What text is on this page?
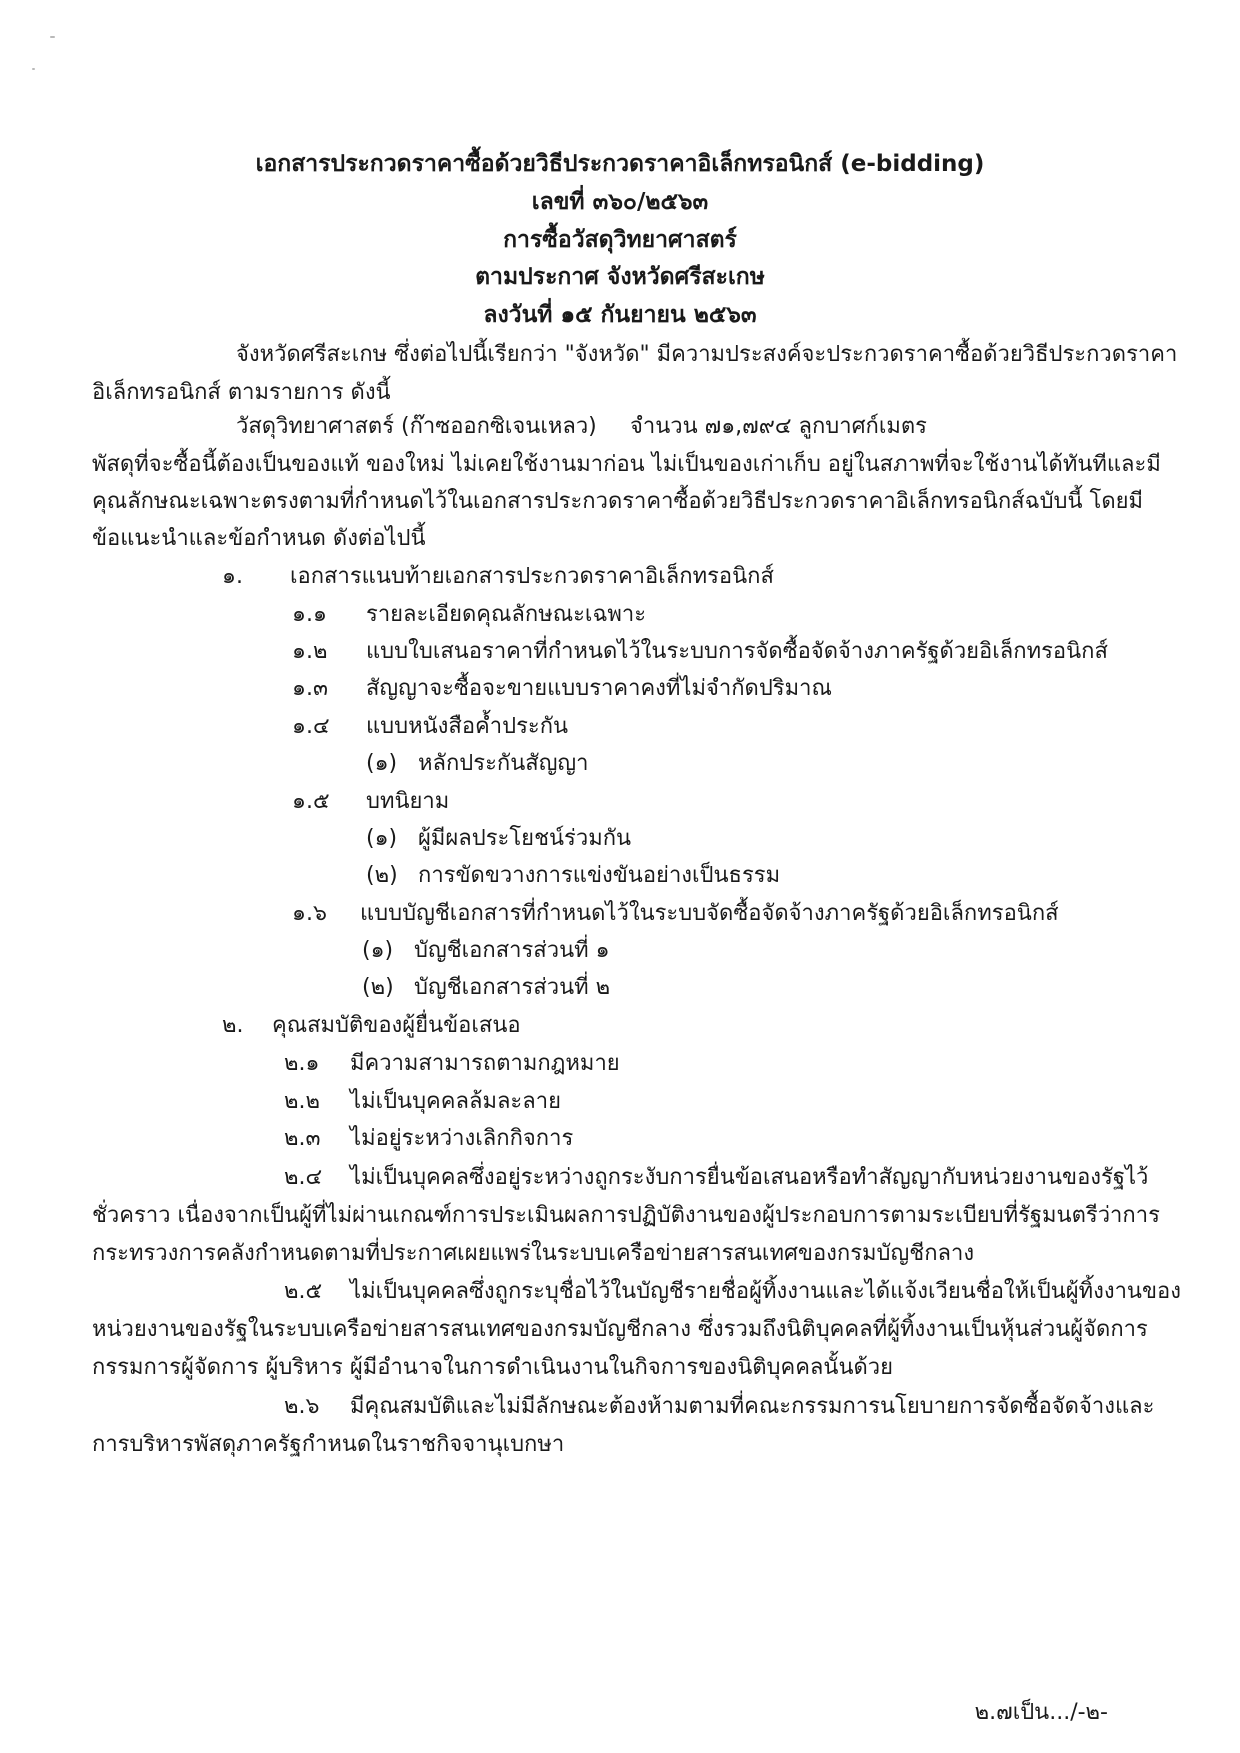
เอกสารประกวดราคาซื้อด้วยวิธีประกวดราคาอิเล็กทรอนิกส์ (e-bidding)
เลขที่ ๓๖๐/๒๕๖๓
การซื้อวัสดุวิทยาศาสตร์
ตามประกาศ จังหวัดศรีสะเกษ
ลงวันที่ ๑๕ กันยายน ๒๕๖๓
จังหวัดศรีสะเกษ ซึ่งต่อไปนี้เรียกว่า "จังหวัด" มีความประสงค์จะประกวดราคาซื้อด้วยวิธีประกวดราคา
อิเล็กทรอนิกส์ ตามรายการ ดังนี้
วัสดุวิทยาศาสตร์ (ก๊าซออกซิเจนเหลว) จำนวน ๗๑,๗๙๔ ลูกบาศก์เมตร
พัสดุที่จะซื้อนี้ต้องเป็นของแท้ ของใหม่ ไม่เคยใช้งานมาก่อน ไม่เป็นของเก่าเก็บ อยู่ในสภาพที่จะใช้งานได้ทันทีและมี
คุณลักษณะเฉพาะตรงตามที่กำหนดไว้ในเอกสารประกวดราคาซื้อด้วยวิธีประกวดราคาอิเล็กทรอนิกส์ฉบับนี้ โดยมี
ข้อแนะนำและข้อกำหนด ดังต่อไปนี้
๑. เอกสารแนบท้ายเอกสารประกวดราคาอิเล็กทรอนิกส์
๑.๑ รายละเอียดคุณลักษณะเฉพาะ
๑.๒ แบบใบเสนอราคาที่กำหนดไว้ในระบบการจัดซื้อจัดจ้างภาครัฐด้วยอิเล็กทรอนิกส์
๑.๓ สัญญาจะซื้อจะขายแบบราคาคงที่ไม่จำกัดปริมาณ
๑.๔ แบบหนังสือค้ำประกัน
(๑) หลักประกันสัญญา
๑.๕ บทนิยาม
(๑) ผู้มีผลประโยชน์ร่วมกัน
(๒) การขัดขวางการแข่งขันอย่างเป็นธรรม
๑.๖ แบบบัญชีเอกสารที่กำหนดไว้ในระบบจัดซื้อจัดจ้างภาครัฐด้วยอิเล็กทรอนิกส์
(๑) บัญชีเอกสารส่วนที่ ๑
(๒) บัญชีเอกสารส่วนที่ ๒
๒. คุณสมบัติของผู้ยื่นข้อเสนอ
๒.๑ มีความสามารถตามกฎหมาย
๒.๒ ไม่เป็นบุคคลล้มละลาย
๒.๓ ไม่อยู่ระหว่างเลิกกิจการ
๒.๔ ไม่เป็นบุคคลซึ่งอยู่ระหว่างถูกระงับการยื่นข้อเสนอหรือทำสัญญากับหน่วยงานของรัฐไว้
ชั่วคราว เนื่องจากเป็นผู้ที่ไม่ผ่านเกณฑ์การประเมินผลการปฏิบัติงานของผู้ประกอบการตามระเบียบที่รัฐมนตรีว่าการ
กระทรวงการคลังกำหนดตามที่ประกาศเผยแพร่ในระบบเครือข่ายสารสนเทศของกรมบัญชีกลาง
๒.๕ ไม่เป็นบุคคลซึ่งถูกระบุชื่อไว้ในบัญชีรายชื่อผู้ทิ้งงานและได้แจ้งเวียนชื่อให้เป็นผู้ทิ้งงานของ
หน่วยงานของรัฐในระบบเครือข่ายสารสนเทศของกรมบัญชีกลาง ซึ่งรวมถึงนิติบุคคลที่ผู้ทิ้งงานเป็นหุ้นส่วนผู้จัดการ
กรรมการผู้จัดการ ผู้บริหาร ผู้มีอำนาจในการดำเนินงานในกิจการของนิติบุคคลนั้นด้วย
๒.๖ มีคุณสมบัติและไม่มีลักษณะต้องห้ามตามที่คณะกรรมการนโยบายการจัดซื้อจัดจ้างและ
การบริหารพัสดุภาครัฐกำหนดในราชกิจจานุเบกษา
๒.๗เป็น.../-๒-
